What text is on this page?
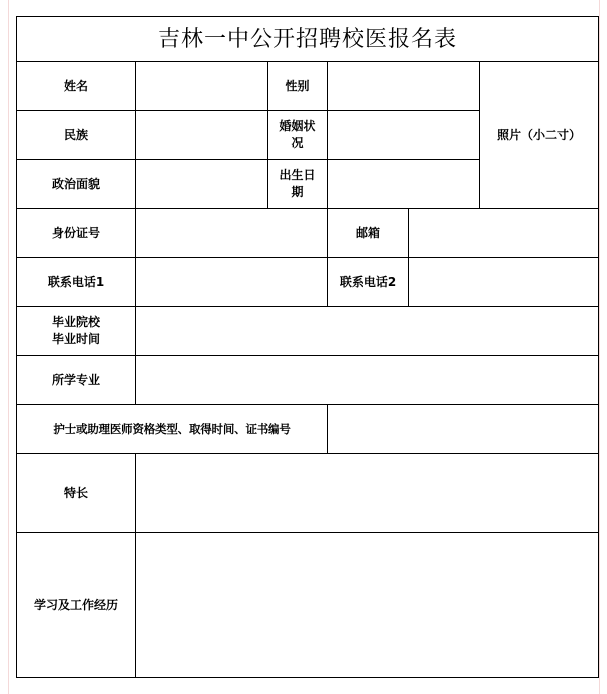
吉林一中公开招聘校医报名表					
姓名		性别			照片（小二寸）
民族		婚姻状
况			

政治面貌		出生日
期			

身份证号			邮箱		
联系电话1			联系电话2		

毕业院校
毕业时间					

所学专业					
护士或助理医师资格类型、取得时间、证书编号					
特长					
学习及工作经历					
